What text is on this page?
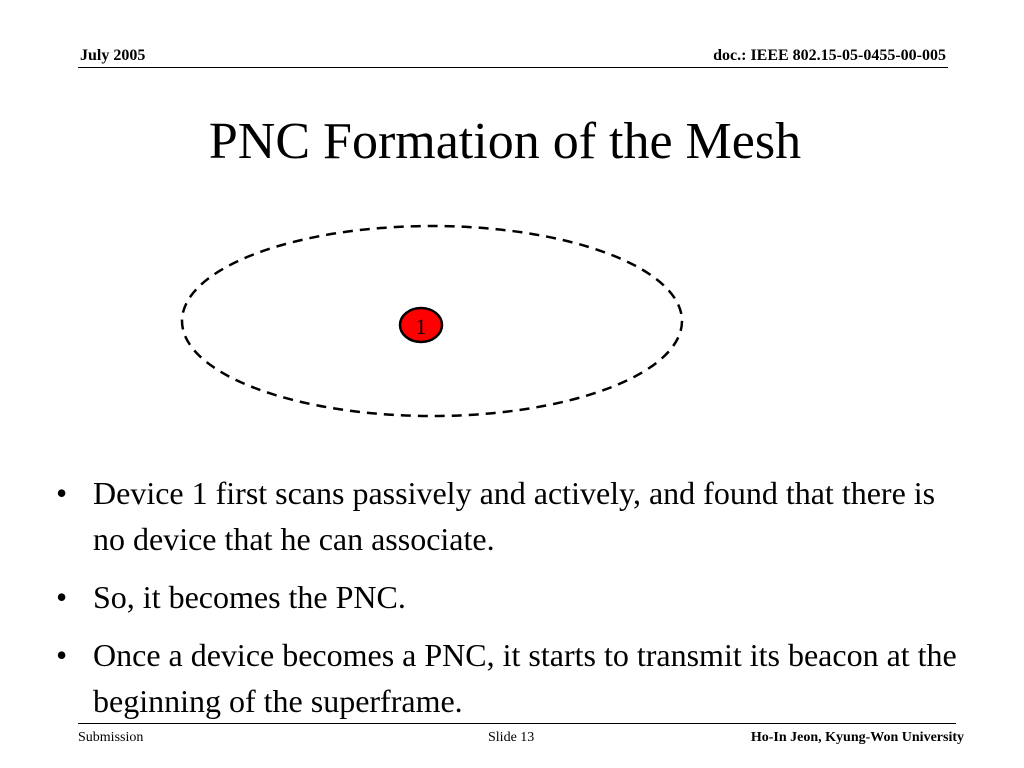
July 2005	doc.: IEEE 802.15-05-0455-00-005
PNC Formation of the Mesh
1
• Device 1 first scans passively and actively, and found that there is no device that he can associate.
• So, it becomes the PNC.
• Once a device becomes a PNC, it starts to transmit its beacon at the beginning of the superframe.
Submission	Slide 13	Ho-In Jeon, Kyung-Won University
